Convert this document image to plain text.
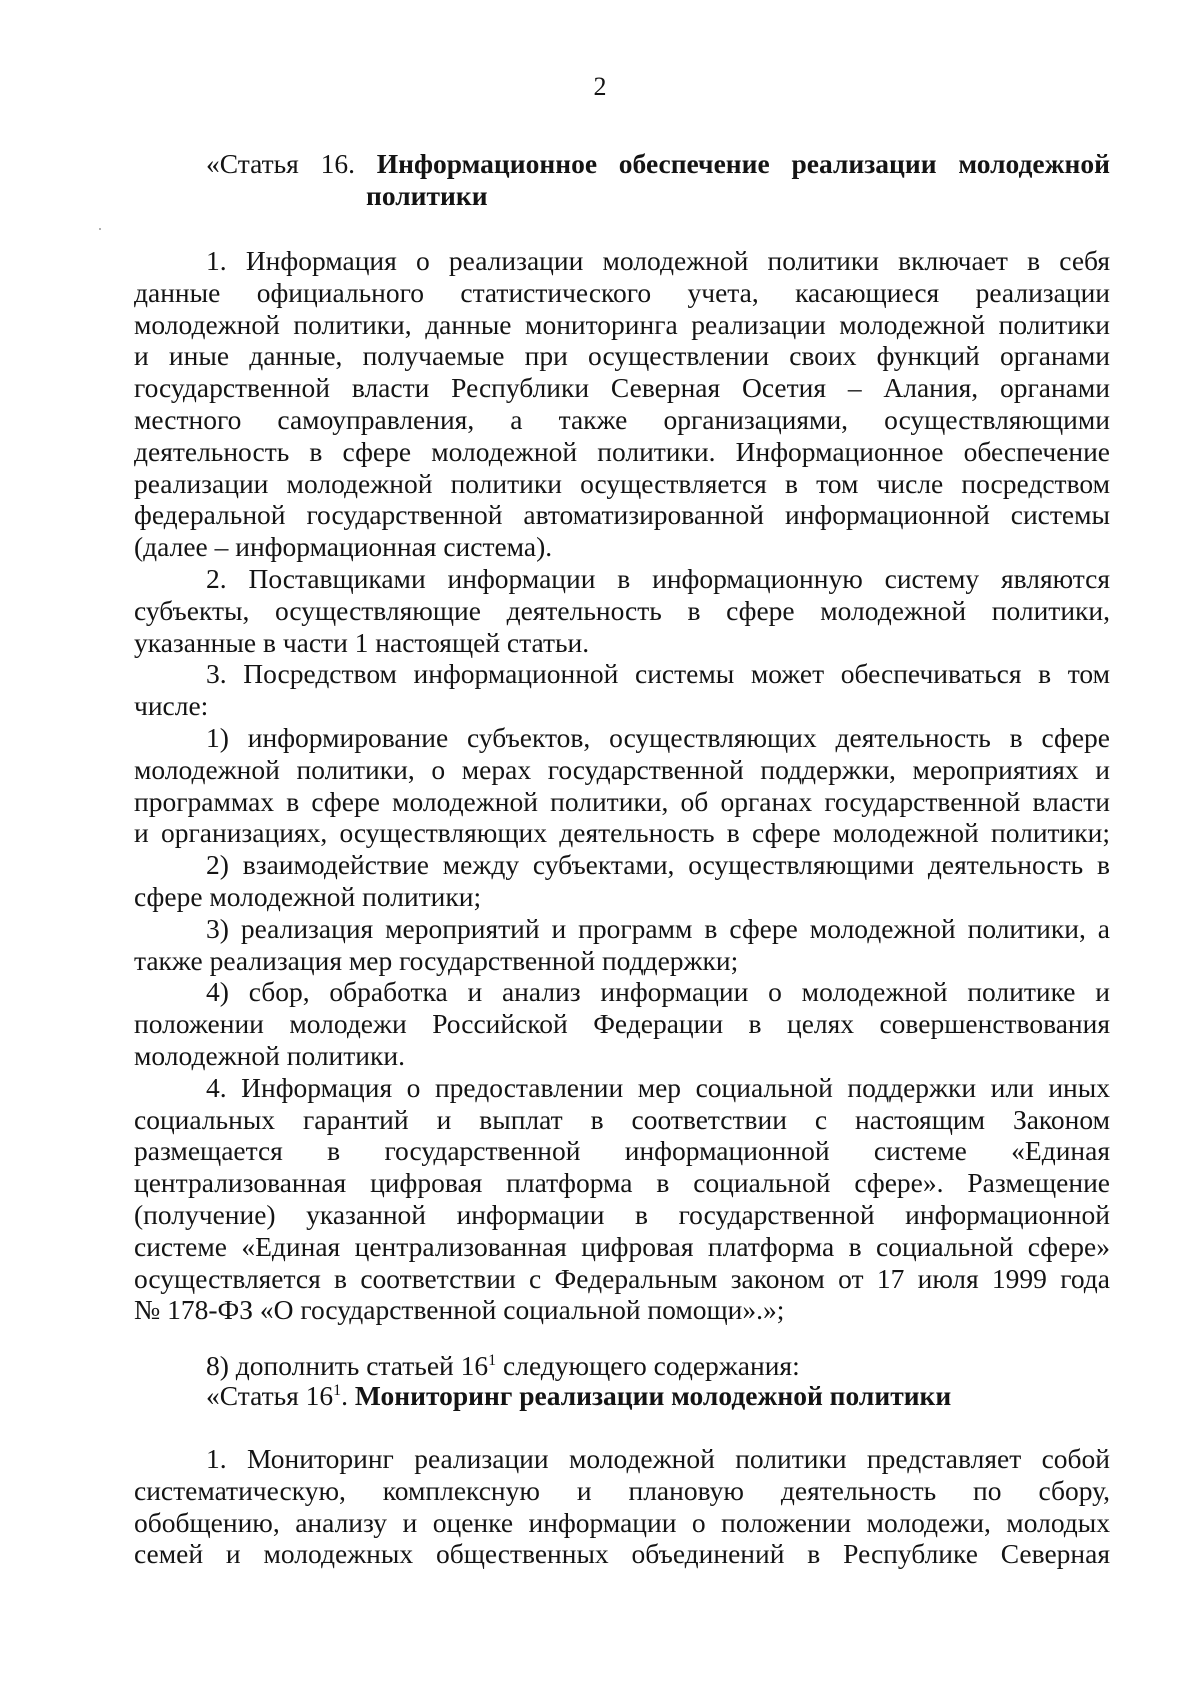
2
«Статья 16. Информационное обеспечение реализации молодежной
политики
1. Информация о реализации молодежной политики включает в себя
данные официального статистического учета, касающиеся реализации
молодежной политики, данные мониторинга реализации молодежной политики
и иные данные, получаемые при осуществлении своих функций органами
государственной власти Республики Северная Осетия – Алания, органами
местного самоуправления, а также организациями, осуществляющими
деятельность в сфере молодежной политики. Информационное обеспечение
реализации молодежной политики осуществляется в том числе посредством
федеральной государственной автоматизированной информационной системы
(далее – информационная система).
2. Поставщиками информации в информационную систему являются
субъекты, осуществляющие деятельность в сфере молодежной политики,
указанные в части 1 настоящей статьи.
3. Посредством информационной системы может обеспечиваться в том
числе:
1) информирование субъектов, осуществляющих деятельность в сфере
молодежной политики, о мерах государственной поддержки, мероприятиях и
программах в сфере молодежной политики, об органах государственной власти
и организациях, осуществляющих деятельность в сфере молодежной политики;
2) взаимодействие между субъектами, осуществляющими деятельность в
сфере молодежной политики;
3) реализация мероприятий и программ в сфере молодежной политики, а
также реализация мер государственной поддержки;
4) сбор, обработка и анализ информации о молодежной политике и
положении молодежи Российской Федерации в целях совершенствования
молодежной политики.
4. Информация о предоставлении мер социальной поддержки или иных
социальных гарантий и выплат в соответствии с настоящим Законом
размещается в государственной информационной системе «Единая
централизованная цифровая платформа в социальной сфере». Размещение
(получение) указанной информации в государственной информационной
системе «Единая централизованная цифровая платформа в социальной сфере»
осуществляется в соответствии с Федеральным законом от 17 июля 1999 года
№ 178-ФЗ «О государственной социальной помощи».»;
8) дополнить статьей $16^1$ следующего содержания:
«Статья $16^1$. Мониторинг реализации молодежной политики
1. Мониторинг реализации молодежной политики представляет собой
систематическую, комплексную и плановую деятельность по сбору,
обобщению, анализу и оценке информации о положении молодежи, молодых
семей и молодежных общественных объединений в Республике Северная
